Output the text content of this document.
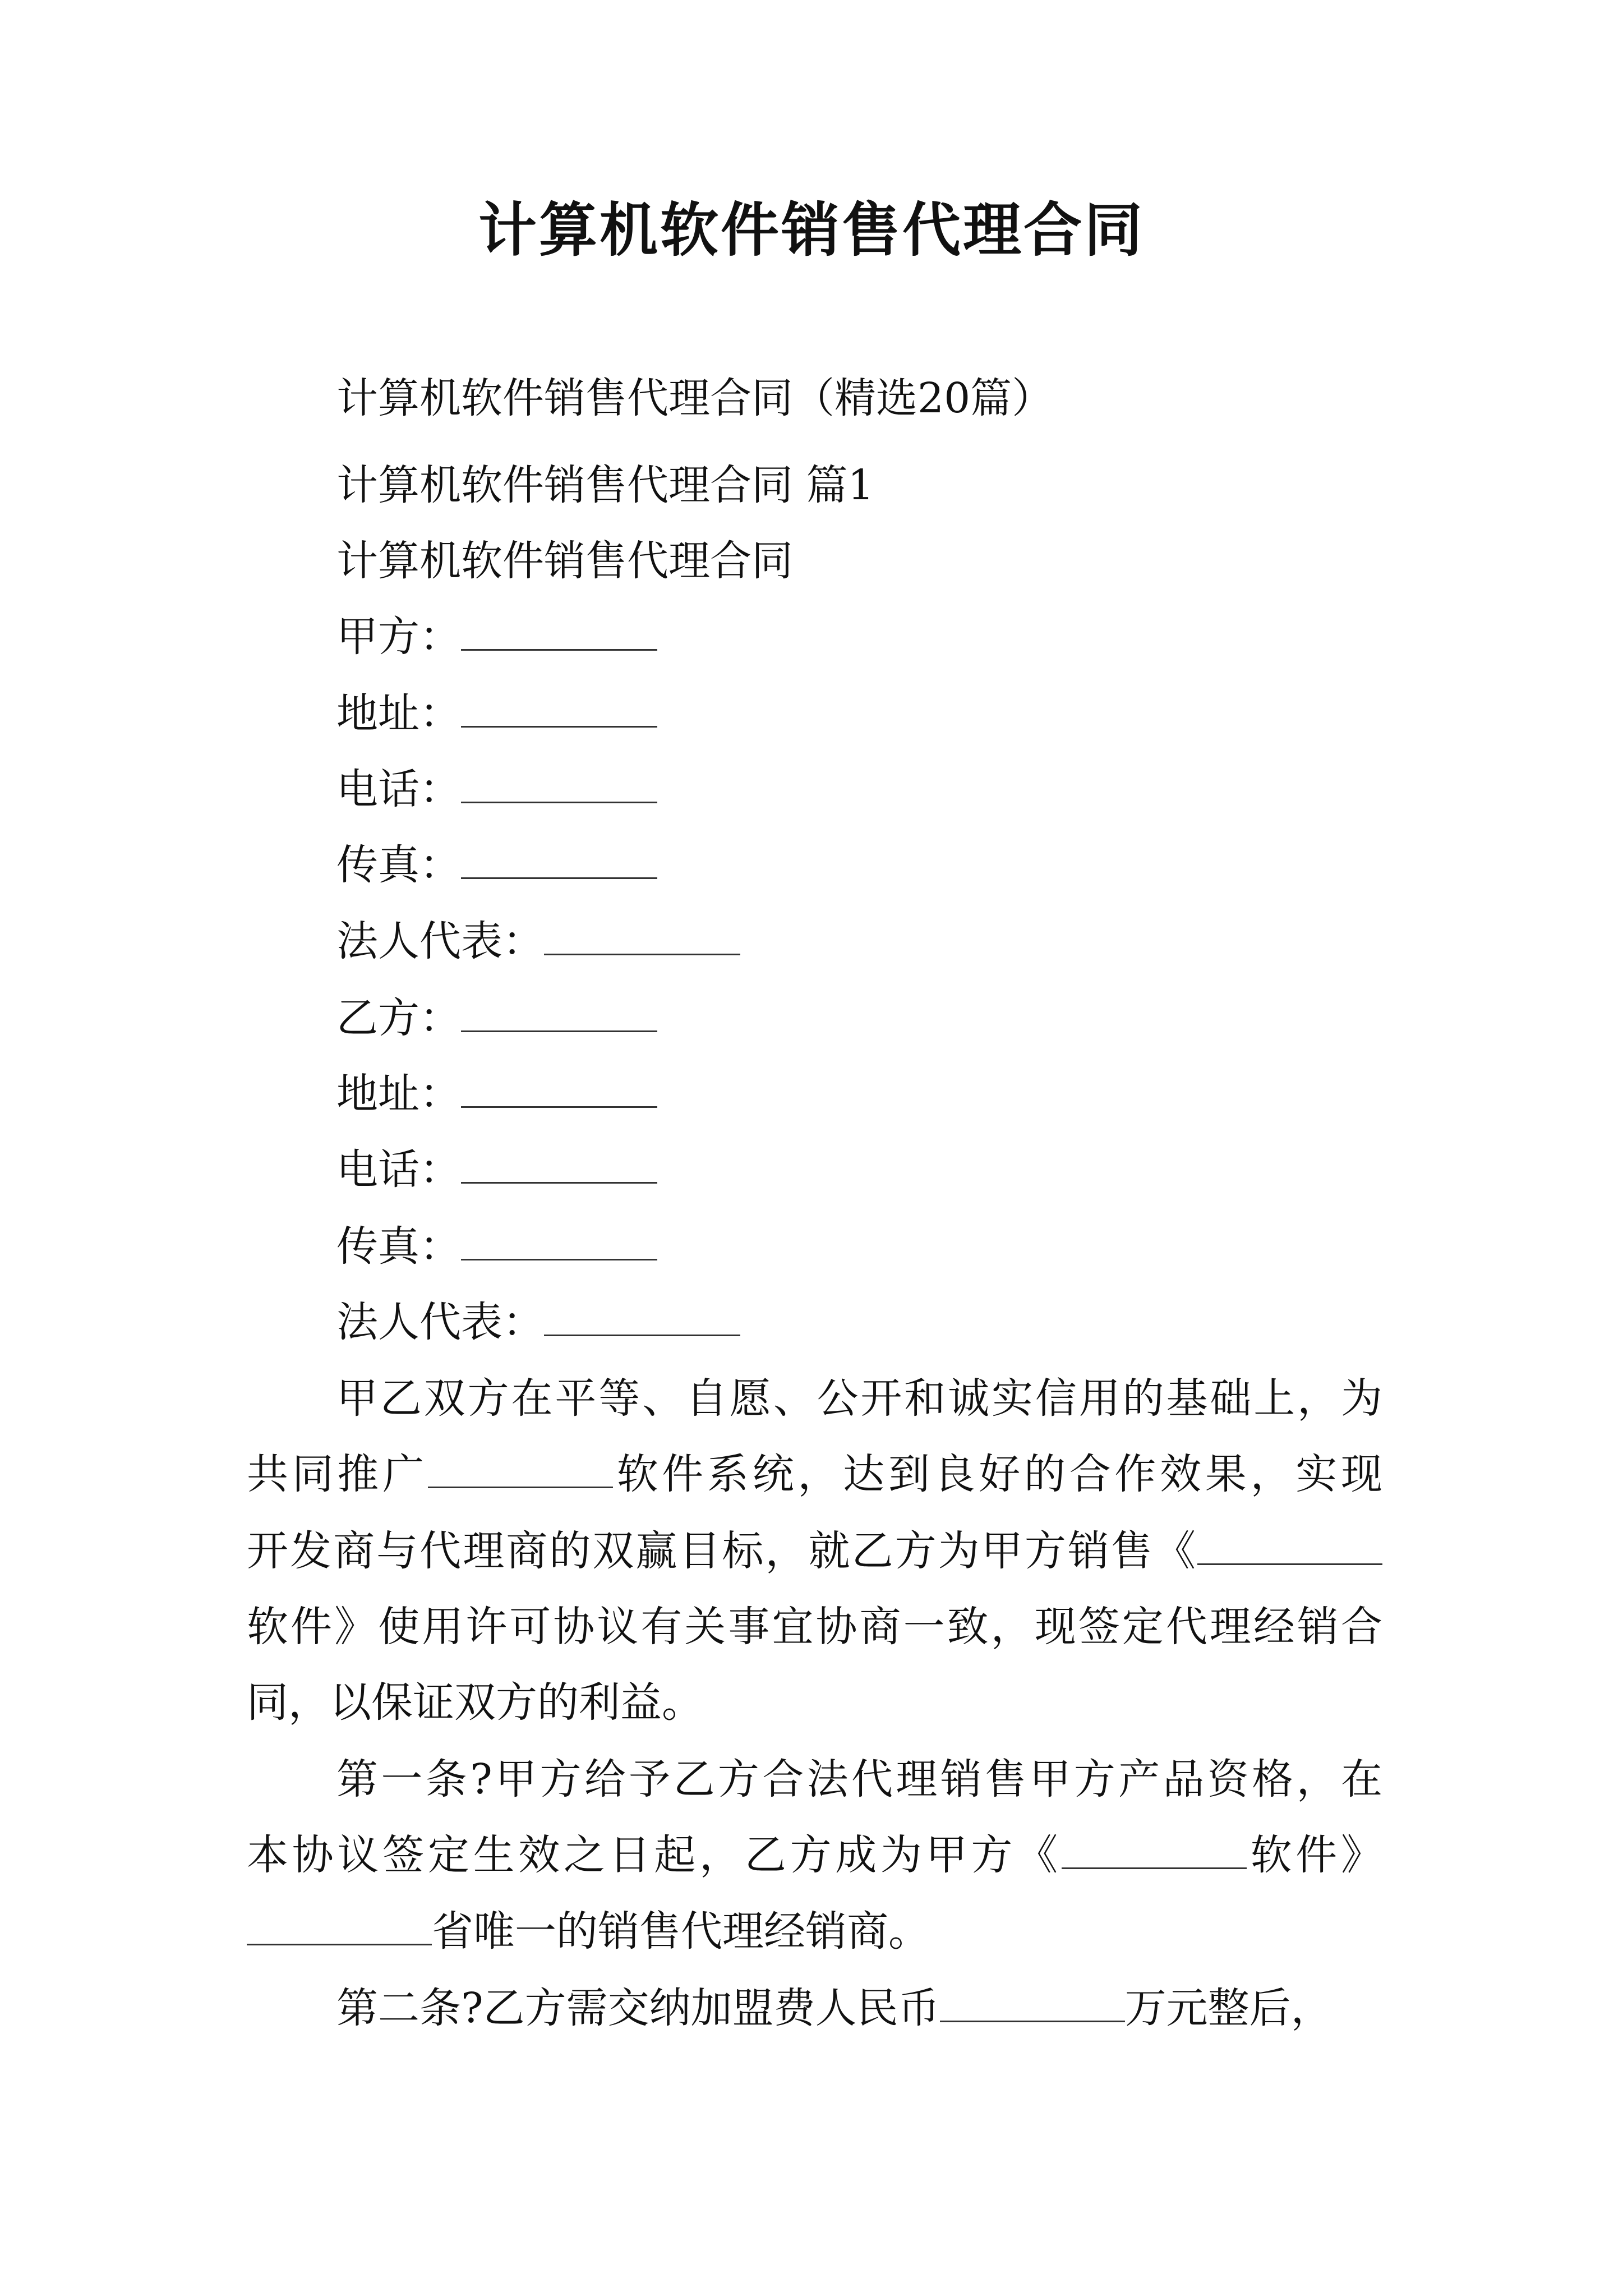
计算机软件销售代理合同

计算机软件销售代理合同（精选20篇）

计算机软件销售代理合同 篇1

计算机软件销售代理合同

甲方：

地址：

电话：

传真：

法人代表：

乙方：

地址：

电话：

传真：

法人代表：

甲乙双方在平等、自愿、公开和诚实信用的基础上，为

共同推广	软件系统，达到良好的合作效果，实现

开发商与代理商的双赢目标，就乙方为甲方销售《

软件》使用许可协议有关事宜协商一致，现签定代理经销合

同，以保证双方的利益。

第一条?甲方给予乙方合法代理销售甲方产品资格，在

本协议签定生效之日起，乙方成为甲方《	软件》

省唯一的销售代理经销商。

第二条?乙方需交纳加盟费人民币	万元整后，
